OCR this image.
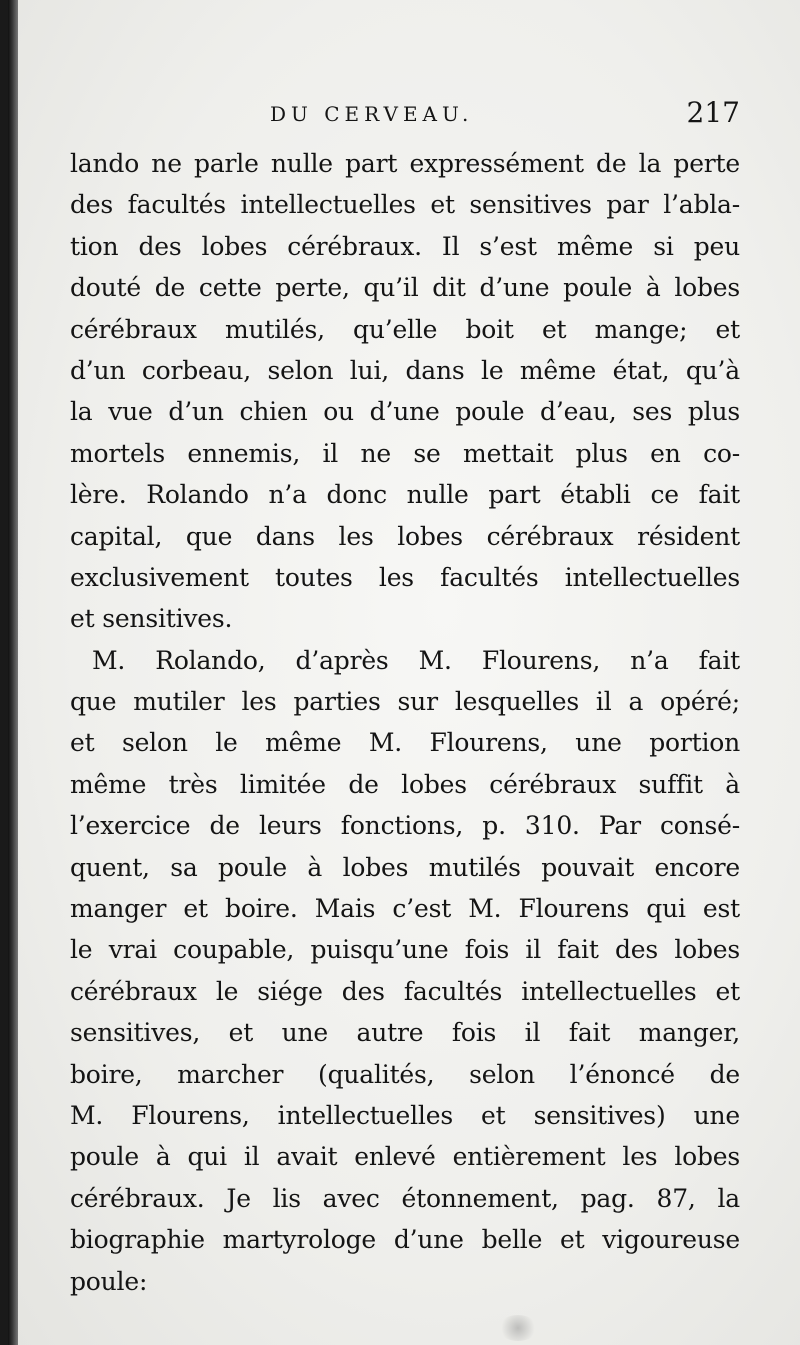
DU CERVEAU.	217
lando ne parle nulle part expressément de la perte
des facultés intellectuelles et sensitives par l’abla-
tion des lobes cérébraux. Il s’est même si peu
douté de cette perte, qu’il dit d’une poule à lobes
cérébraux mutilés, qu’elle boit et mange; et
d’un corbeau, selon lui, dans le même état, qu’à
la vue d’un chien ou d’une poule d’eau, ses plus
mortels ennemis, il ne se mettait plus en co-
lère. Rolando n’a donc nulle part établi ce fait
capital, que dans les lobes cérébraux résident
exclusivement toutes les facultés intellectuelles
et sensitives.
M. Rolando, d’après M. Flourens, n’a fait
que mutiler les parties sur lesquelles il a opéré;
et selon le même M. Flourens, une portion
même très limitée de lobes cérébraux suffit à
l’exercice de leurs fonctions, p. 310. Par consé-
quent, sa poule à lobes mutilés pouvait encore
manger et boire. Mais c’est M. Flourens qui est
le vrai coupable, puisqu’une fois il fait des lobes
cérébraux le siége des facultés intellectuelles et
sensitives, et une autre fois il fait manger,
boire, marcher (qualités, selon l’énoncé de
M. Flourens, intellectuelles et sensitives) une
poule à qui il avait enlevé entièrement les lobes
cérébraux. Je lis avec étonnement, pag. 87, la
biographie martyrologe d’une belle et vigoureuse
poule:
